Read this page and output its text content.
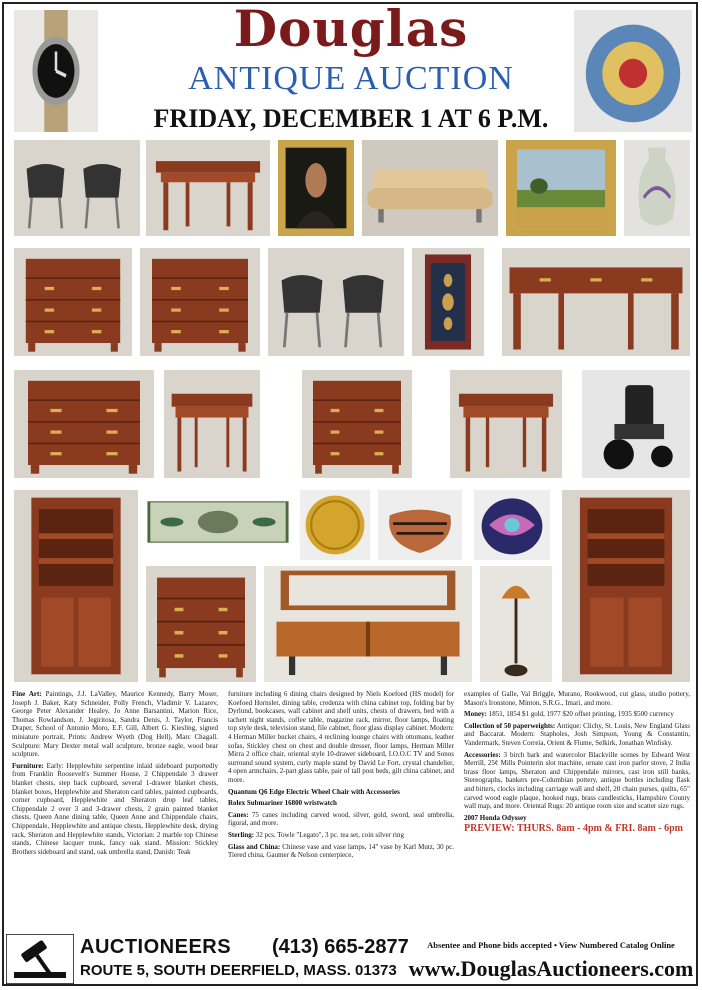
Douglas
ANTIQUE AUCTION
FRIDAY, DECEMBER 1 AT 6 P.M.

Fine Art: Paintings, J.J. LaValley, Maurice Kennedy, Barry Moser, Joseph J. Baker, Katy Schneider, Polly French, Vladimir V. Lazarev, George Peter Alexander Healey, Jo Anne Barsantini, Marion Rice, Thomas Rowlandson, J. Jegiritosa, Sandra Denis, J. Taylor, Francis Draper, School of Antonio Moro, E.F. Gill, Albert G. Kiesling, signed miniature portrait, Prints: Andrew Wyeth (Dog Hell), Marc Chagall. Sculpture: Mary Dexter metal wall sculpture, bronze eagle, wood bear sculpture.

Furniture: Early: Hepplewhite serpentine inlaid sideboard purportedly from Franklin Roosevelt's Summer House, 2 Chippendale 3 drawer blanket chests, step back cupboard, several 1-drawer blanket chests, blanket boxes, Hepplewhite and Sheraton card tables, painted cupboards, corner cupboard, Hepplewhite and Sheraton drop leaf tables, Chippendale 2 over 3 and 3-drawer chests, 2 grain painted blanket chests, Queen Anne dining table, Queen Anne and Chippendale chairs, Chippendale, Hepplewhite and antique chests, Hepplewhite desk, drying rack, Sheraton and Hepplewhite stands, Victorian: 2 marble top Chinese stands, Chinese lacquer trunk, fancy oak stand. Mission: Stickley Brothers sideboard and stand, oak umbrella stand, Danish: Teak

furniture including 6 dining chairs designed by Niels Koefoed (HS model) for Koefoed Hornslet, dining table, credenza with china cabinet top, folding bar by Dyrlund, bookcases, wall cabinet and shelf units, chests of drawers, bed with a tachett night stands, coffee table, magazine rack, mirror, floor lamps, floating top style desk, television stand, file cabinet, floor glass display cabinet. Modern: 4 Herman Miller bucket chairs, 4 reclining lounge chairs with ottomans, leather sofas, Stickley chest on chest and double dresser, floor lamps, Herman Miller Mirra 2 office chair, oriental style 10-drawer sideboard, I.O.O.C TV and Sonos surround sound system, curly maple stand by David Le Fort, crystal chandelier, 4 open armchairs, 2-part glass table, pair of tall post beds, gilt china cabinet, and more.

Quantum Q6 Edge Electric Wheel Chair with Accessories

Rolex Submariner 16800 wristwatch

Canes: 75 canes including carved wood, silver, gold, sword, seal umbrella, figural, and more.

Sterling: 32 pcs. Towle "Legato", 3 pc. tea set, coin silver ring

Glass and China: Chinese vase and vase lamps, 14" vase by Karl Mutz, 30 pc. Tiered china, Gaumer & Nelson centerpiece,

examples of Galle, Val Briggle, Murano, Rookwood, cut glass, studio pottery, Mason's Ironstone, Minton, S.R.G., Imari, and more.

Money: 1851, 1854 $1 gold, 1977 $20 offset printing, 1935 $500 currency

Collection of 50 paperweights: Antique: Clichy, St. Louis, New England Glass and Baccarat. Modern: Stapholes, Josh Simpson, Young & Constantin, Vandermark, Steven Correia, Orient & Flume, Selkirk, Jonathan Winfisky.

Accessories: 3 birch bark and watercolor Blackville scenes by Edward West Merrill, 25¢ Mills Pointerin slot machine, ornate cast iron parlor stove, 2 India brass floor lamps, Sheraton and Chippendale mirrors, cast iron still banks, Stereographs, bankers pre-Columbian pottery, antique bottles including flask and bitters, clocks including carriage wall and shelf, 20 chain purses, quilts, 65" carved wood eagle plaque, hooked rugs, brass candlesticks, Hampshire County wall map, and more. Oriental Rugs: 20 antique room size and scatter size rugs.

2007 Honda Odyssey

PREVIEW: THURS. 8am - 4pm & FRI. 8am - 6pm

AUCTIONEERS (413) 665-2877
ROUTE 5, SOUTH DEERFIELD, MASS. 01373
Absentee and Phone bids accepted • View Numbered Catalog Online
www.DouglasAuctioneers.com
